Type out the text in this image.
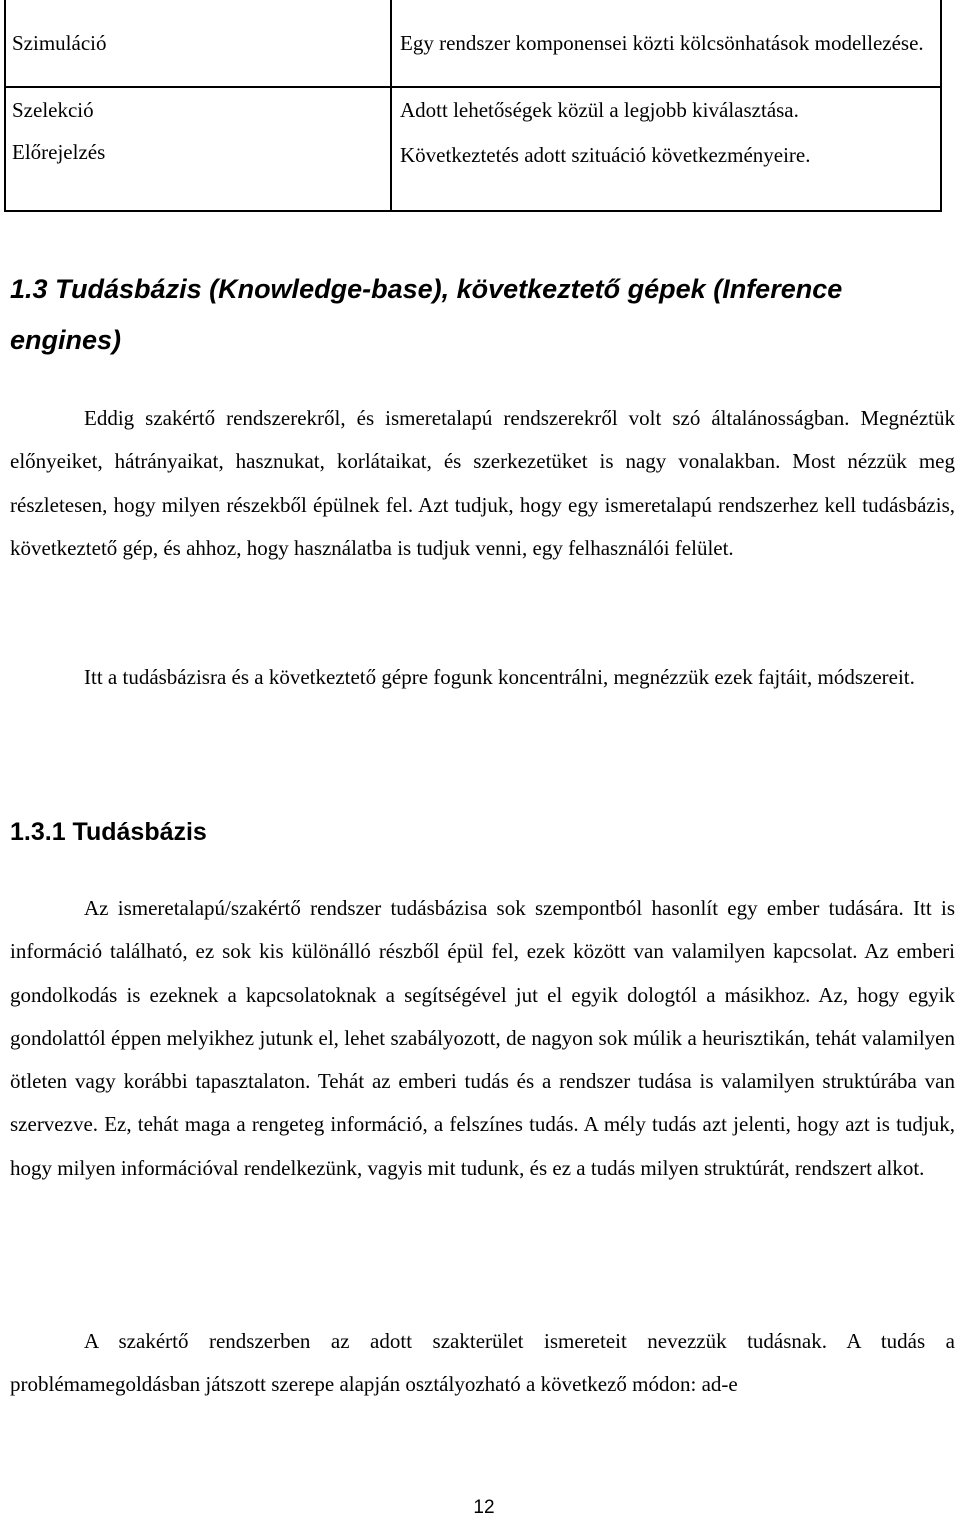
Szimuláció	Egy rendszer komponensei közti kölcsönhatások modellezése.
Szelekció	Adott lehetőségek közül a legjobb kiválasztása.
Előrejelzés	Következtetés adott szituáció következményeire.
1.3 Tudásbázis (Knowledge-base), következtető gépek (Inference engines)

Eddig szakértő rendszerekről, és ismeretalapú rendszerekről volt szó általánosságban. Megnéztük előnyeiket, hátrányaikat, hasznukat, korlátaikat, és szerkezetüket is nagy vonalakban. Most nézzük meg részletesen, hogy milyen részekből épülnek fel. Azt tudjuk, hogy egy ismeretalapú rendszerhez kell tudásbázis, következtető gép, és ahhoz, hogy használatba is tudjuk venni, egy felhasználói felület.

Itt a tudásbázisra és a következtető gépre fogunk koncentrálni, megnézzük ezek fajtáit, módszereit.

1.3.1 Tudásbázis

Az ismeretalapú/szakértő rendszer tudásbázisa sok szempontból hasonlít egy ember tudására. Itt is információ található, ez sok kis különálló részből épül fel, ezek között van valamilyen kapcsolat. Az emberi gondolkodás is ezeknek a kapcsolatoknak a segítségével jut el egyik dologtól a másikhoz. Az, hogy egyik gondolattól éppen melyikhez jutunk el, lehet szabályozott, de nagyon sok múlik a heurisztikán, tehát valamilyen ötleten vagy korábbi tapasztalaton. Tehát az emberi tudás és a rendszer tudása is valamilyen struktúrába van szervezve. Ez, tehát maga a rengeteg információ, a felszínes tudás. A mély tudás azt jelenti, hogy azt is tudjuk, hogy milyen információval rendelkezünk, vagyis mit tudunk, és ez a tudás milyen struktúrát, rendszert alkot.

A szakértő rendszerben az adott szakterület ismereteit nevezzük tudásnak. A tudás a problémamegoldásban játszott szerepe alapján osztályozható a következő módon: ad-e

12
